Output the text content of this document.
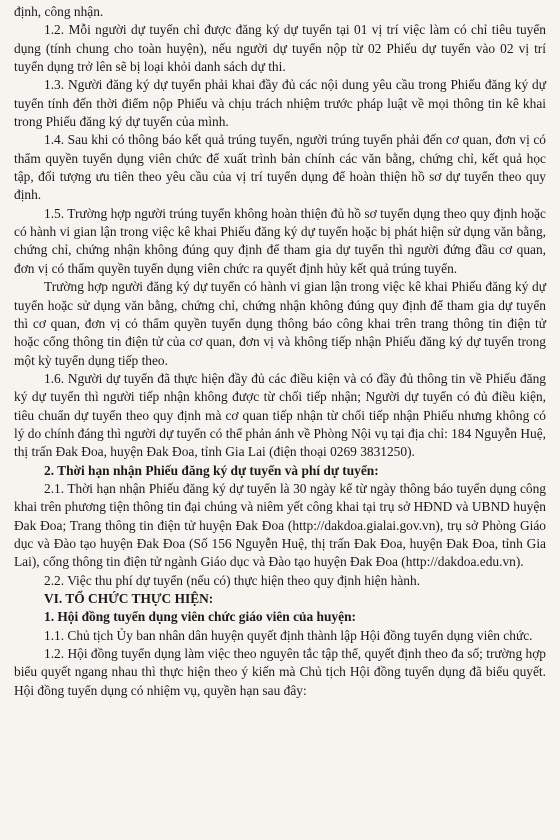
định, công nhận.

1.2. Mỗi người dự tuyển chỉ được đăng ký dự tuyển tại 01 vị trí việc làm có chỉ tiêu tuyển dụng (tính chung cho toàn huyện), nếu người dự tuyển nộp từ 02 Phiếu dự tuyển vào 02 vị trí tuyển dụng trở lên sẽ bị loại khỏi danh sách dự thi.

1.3. Người đăng ký dự tuyển phải khai đầy đủ các nội dung yêu cầu trong Phiếu đăng ký dự tuyển tính đến thời điểm nộp Phiếu và chịu trách nhiệm trước pháp luật về mọi thông tin kê khai trong Phiếu đăng ký dự tuyển của mình.

1.4. Sau khi có thông báo kết quả trúng tuyển, người trúng tuyển phải đến cơ quan, đơn vị có thẩm quyền tuyển dụng viên chức để xuất trình bản chính các văn bằng, chứng chỉ, kết quả học tập, đối tượng ưu tiên theo yêu cầu của vị trí tuyển dụng để hoàn thiện hồ sơ dự tuyển theo quy định.

1.5. Trường hợp người trúng tuyển không hoàn thiện đủ hồ sơ tuyển dụng theo quy định hoặc có hành vi gian lận trong việc kê khai Phiếu đăng ký dự tuyển hoặc bị phát hiện sử dụng văn bằng, chứng chỉ, chứng nhận không đúng quy định để tham gia dự tuyển thì người đứng đầu cơ quan, đơn vị có thẩm quyền tuyển dụng viên chức ra quyết định hủy kết quả trúng tuyển.

Trường hợp người đăng ký dự tuyển có hành vi gian lận trong việc kê khai Phiếu đăng ký dự tuyển hoặc sử dụng văn bằng, chứng chỉ, chứng nhận không đúng quy định để tham gia dự tuyển thì cơ quan, đơn vị có thẩm quyền tuyển dụng thông báo công khai trên trang thông tin điện tử hoặc cổng thông tin điện tử của cơ quan, đơn vị và không tiếp nhận Phiếu đăng ký dự tuyển trong một kỳ tuyển dụng tiếp theo.

1.6. Người dự tuyển đã thực hiện đầy đủ các điều kiện và có đầy đủ thông tin về Phiếu đăng ký dự tuyển thì người tiếp nhận không được từ chối tiếp nhận; Người dự tuyển có đủ điều kiện, tiêu chuẩn dự tuyển theo quy định mà cơ quan tiếp nhận từ chối tiếp nhận Phiếu nhưng không có lý do chính đáng thì người dự tuyển có thể phản ánh về Phòng Nội vụ tại địa chỉ: 184 Nguyễn Huệ, thị trấn Đak Đoa, huyện Đak Đoa, tỉnh Gia Lai (điện thoại 0269 3831250).

2. Thời hạn nhận Phiếu đăng ký dự tuyển và phí dự tuyển:

2.1. Thời hạn nhận Phiếu đăng ký dự tuyển là 30 ngày kể từ ngày thông báo tuyển dụng công khai trên phương tiện thông tin đại chúng và niêm yết công khai tại trụ sở HĐND và UBND huyện Đak Đoa; Trang thông tin điện tử huyện Đak Đoa (http://dakdoa.gialai.gov.vn), trụ sở Phòng Giáo dục và Đào tạo huyện Đak Đoa (Số 156 Nguyễn Huệ, thị trấn Đak Đoa, huyện Đak Đoa, tỉnh Gia Lai), cổng thông tin điện tử ngành Giáo dục và Đào tạo huyện Đak Đoa (http://dakdoa.edu.vn).

2.2. Việc thu phí dự tuyển (nếu có) thực hiện theo quy định hiện hành.

VI. TỔ CHỨC THỰC HIỆN:

1. Hội đồng tuyển dụng viên chức giáo viên của huyện:

1.1. Chủ tịch Ủy ban nhân dân huyện quyết định thành lập Hội đồng tuyển dụng viên chức.

1.2. Hội đồng tuyển dụng làm việc theo nguyên tắc tập thể, quyết định theo đa số; trường hợp biểu quyết ngang nhau thì thực hiện theo ý kiến mà Chủ tịch Hội đồng tuyển dụng đã biểu quyết. Hội đồng tuyển dụng có nhiệm vụ, quyền hạn sau đây:
